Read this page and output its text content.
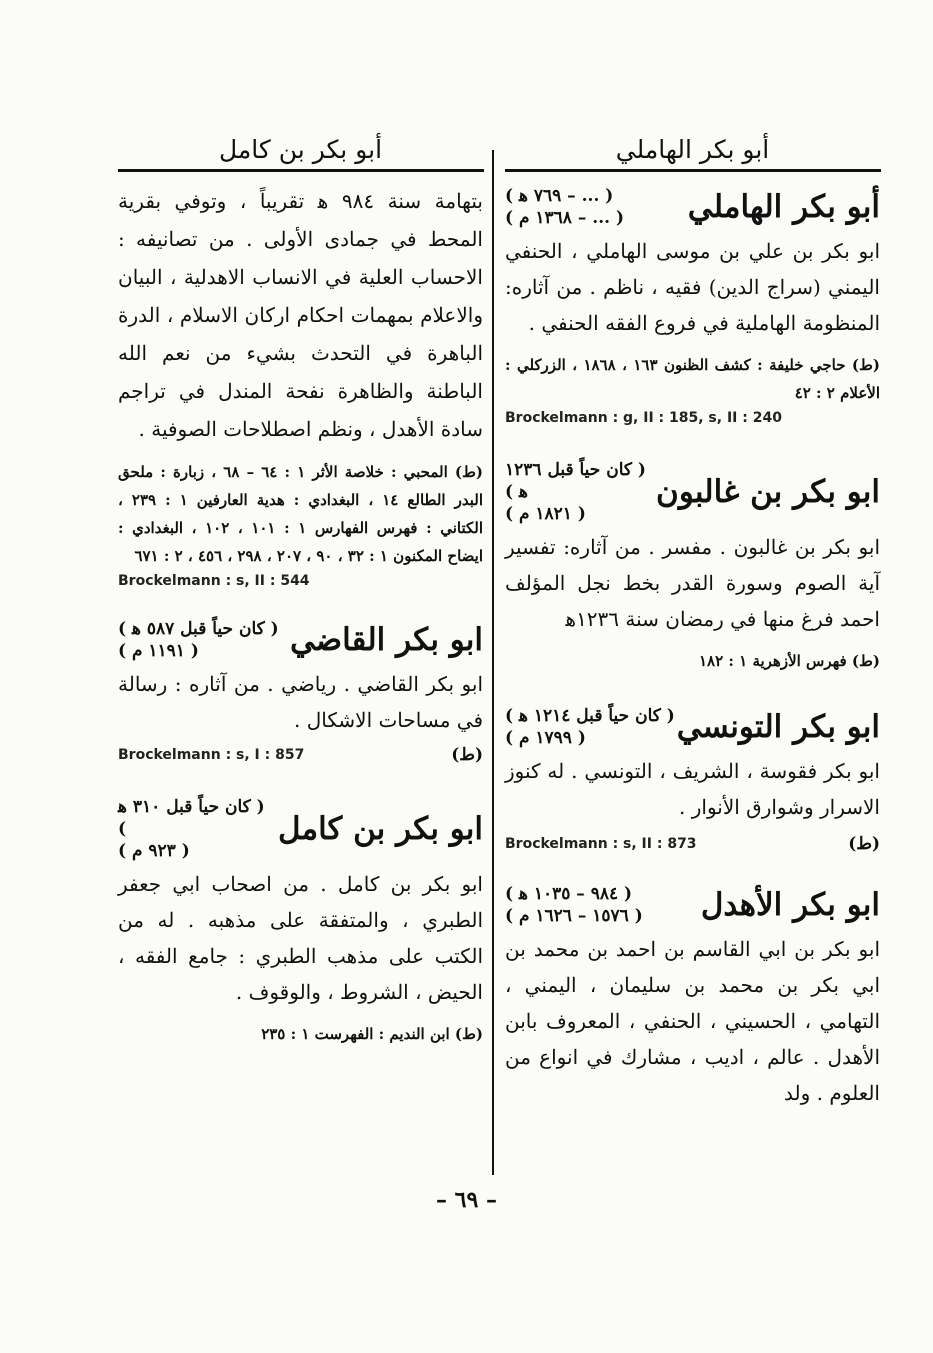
أبو بكر الهاملي
أبو بكر بن كامل
أبو بكر الهاملي
( ... – ٧٦٩ ﻫ )
( ... – ١٣٦٨ م )
ابو بكر بن علي بن موسى الهاملي ، الحنفي اليمني (سراج الدين) فقيه ، ناظم . من آثاره: المنظومة الهاملية في فروع الفقه الحنفي .
(ط) حاجي خليفة : كشف الظنون ١٦٣ ، ١٨٦٨ ، الزركلي : الأعلام ٢ : ٤٢
Brockelmann : g, II : 185, s, II : 240
ابو بكر بن غالبون
( كان حياً قبل ١٢٣٦ ﻫ )
( ١٨٢١ م )
ابو بكر بن غالبون . مفسر . من آثاره: تفسير آية الصوم وسورة القدر بخط نجل المؤلف احمد فرغ منها في رمضان سنة ١٢٣٦ﻫ
(ط) فهرس الأزهرية ١ : ١٨٢
ابو بكر التونسي
( كان حياً قبل ١٢١٤ ﻫ )
( ١٧٩٩ م )
ابو بكر فقوسة ، الشريف ، التونسي . له كنوز الاسرار وشوارق الأنوار .
Brockelmann : s, II : 873	(ط)
ابو بكر الأهدل
( ٩٨٤ – ١٠٣٥ ﻫ )
( ١٥٧٦ – ١٦٢٦ م )
ابو بكر بن ابي القاسم بن احمد بن محمد بن ابي بكر بن محمد بن سليمان ، اليمني ، التهامي ، الحسيني ، الحنفي ، المعروف بابن الأهدل . عالم ، اديب ، مشارك في انواع من العلوم . ولد
بتهامة سنة ٩٨٤ ﻫ تقريباً ، وتوفي بقرية المحط في جمادى الأولى . من تصانيفه : الاحساب العلية في الانساب الاهدلية ، البيان والاعلام بمهمات احكام اركان الاسلام ، الدرة الباهرة في التحدث بشيء من نعم الله الباطنة والظاهرة نفحة المندل في تراجم سادة الأهدل ، ونظم اصطلاحات الصوفية .
(ط) المحبي : خلاصة الأثر ١ : ٦٤ – ٦٨ ، زبارة : ملحق البدر الطالع ١٤ ، البغدادي : هدية العارفين ١ : ٢٣٩ ، الكتاني : فهرس الفهارس ١ : ١٠١ ، ١٠٢ ، البغدادي : ايضاح المكنون ١ : ٣٢ ، ٩٠ ، ٢٠٧ ، ٢٩٨ ، ٤٥٦ ، ٢ : ٦٧١
Brockelmann : s, II : 544
ابو بكر القاضي
( كان حياً قبل ٥٨٧ ﻫ )
( ١١٩١ م )
ابو بكر القاضي . رياضي . من آثاره : رسالة في مساحات الاشكال .
Brockelmann : s, I : 857	(ط)
ابو بكر بن كامل
( كان حياً قبل ٣١٠ ﻫ )
( ٩٢٣ م )
ابو بكر بن كامل . من اصحاب ابي جعفر الطبري ، والمتفقة على مذهبه . له من الكتب على مذهب الطبري : جامع الفقه ، الحيض ، الشروط ، والوقوف .
(ط) ابن النديم : الفهرست ١ : ٢٣٥
– ٦٩ –
